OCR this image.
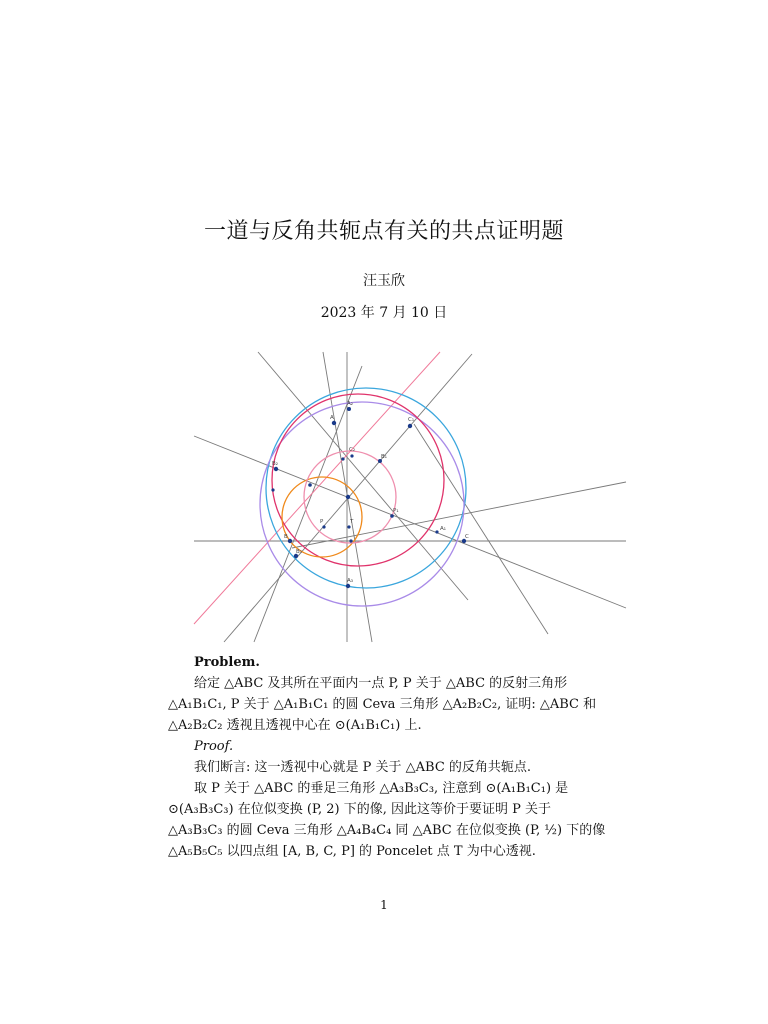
一道与反角共轭点有关的共点证明题
汪玉欣
2023 年 7 月 10 日
A₂
A	C₁
B₂
B₁
C₂
P₁
T
P
B	C
A₁
B₃
A₃

Problem.

给定 △ABC 及其所在平面内一点 P, P 关于 △ABC 的反射三角形 △A₁B₁C₁, P 关于 △A₁B₁C₁ 的圆 Ceva 三角形 △A₂B₂C₂, 证明: △ABC 和 △A₂B₂C₂ 透视且透视中心在 ⊙(A₁B₁C₁) 上.

Proof.

我们断言: 这一透视中心就是 P 关于 △ABC 的反角共轭点.

取 P 关于 △ABC 的垂足三角形 △A₃B₃C₃, 注意到 ⊙(A₁B₁C₁) 是 ⊙(A₃B₃C₃) 在位似变换 (P, 2) 下的像, 因此这等价于要证明 P 关于 △A₃B₃C₃ 的圆 Ceva 三角形 △A₄B₄C₄ 同 △ABC 在位似变换 (P, ½) 下的像 △A₅B₅C₅ 以四点组 [A, B, C, P] 的 Poncelet 点 T 为中心透视.

1
